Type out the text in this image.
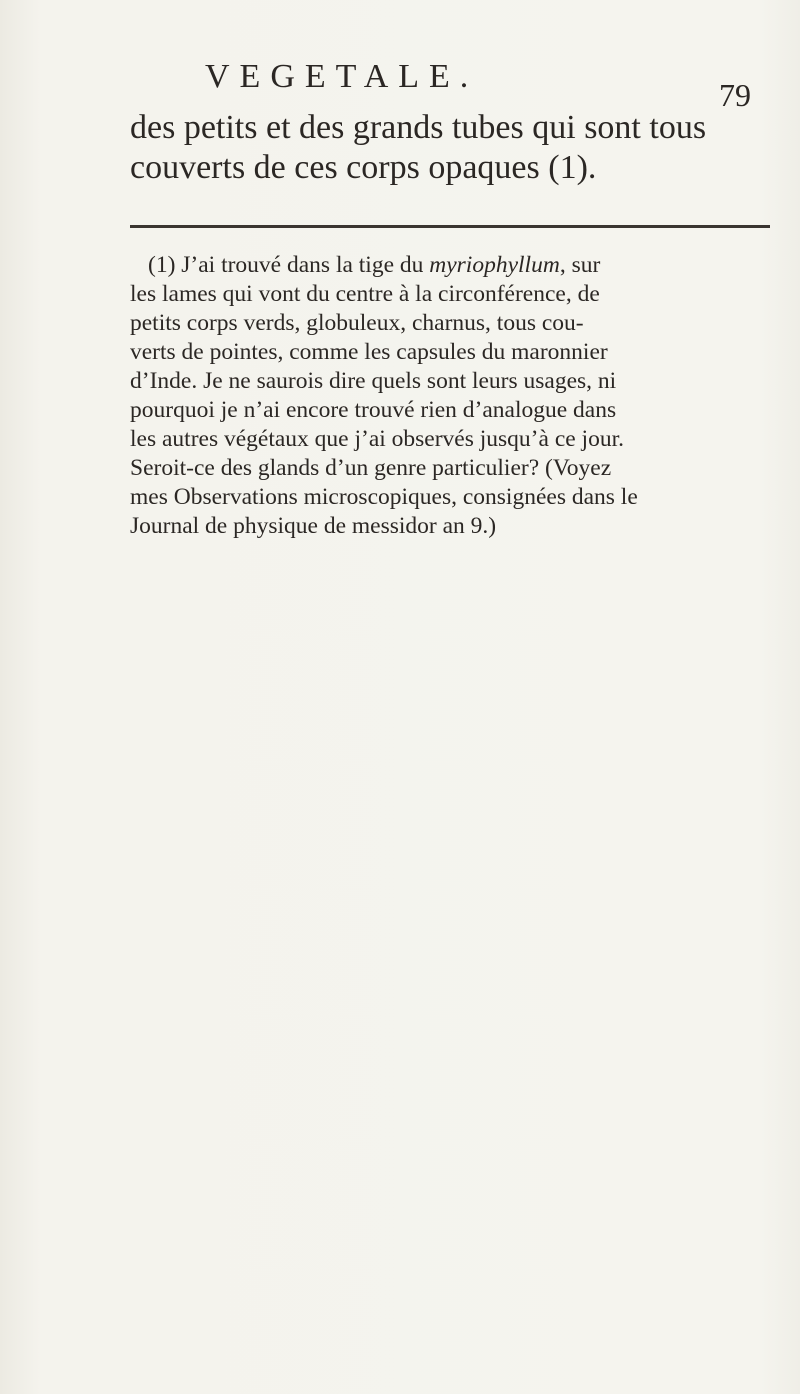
VEGETALE.	79
des petits et des grands tubes qui sont tous
couverts de ces corps opaques (1).
(1) J’ai trouvé dans la tige du myriophyllum, sur
les lames qui vont du centre à la circonférence, de
petits corps verds, globuleux, charnus, tous cou-
verts de pointes, comme les capsules du maronnier
d’Inde. Je ne saurois dire quels sont leurs usages, ni
pourquoi je n’ai encore trouvé rien d’analogue dans
les autres végétaux que j’ai observés jusqu’à ce jour.
Seroit-ce des glands d’un genre particulier? (Voyez
mes Observations microscopiques, consignées dans le
Journal de physique de messidor an 9.)
